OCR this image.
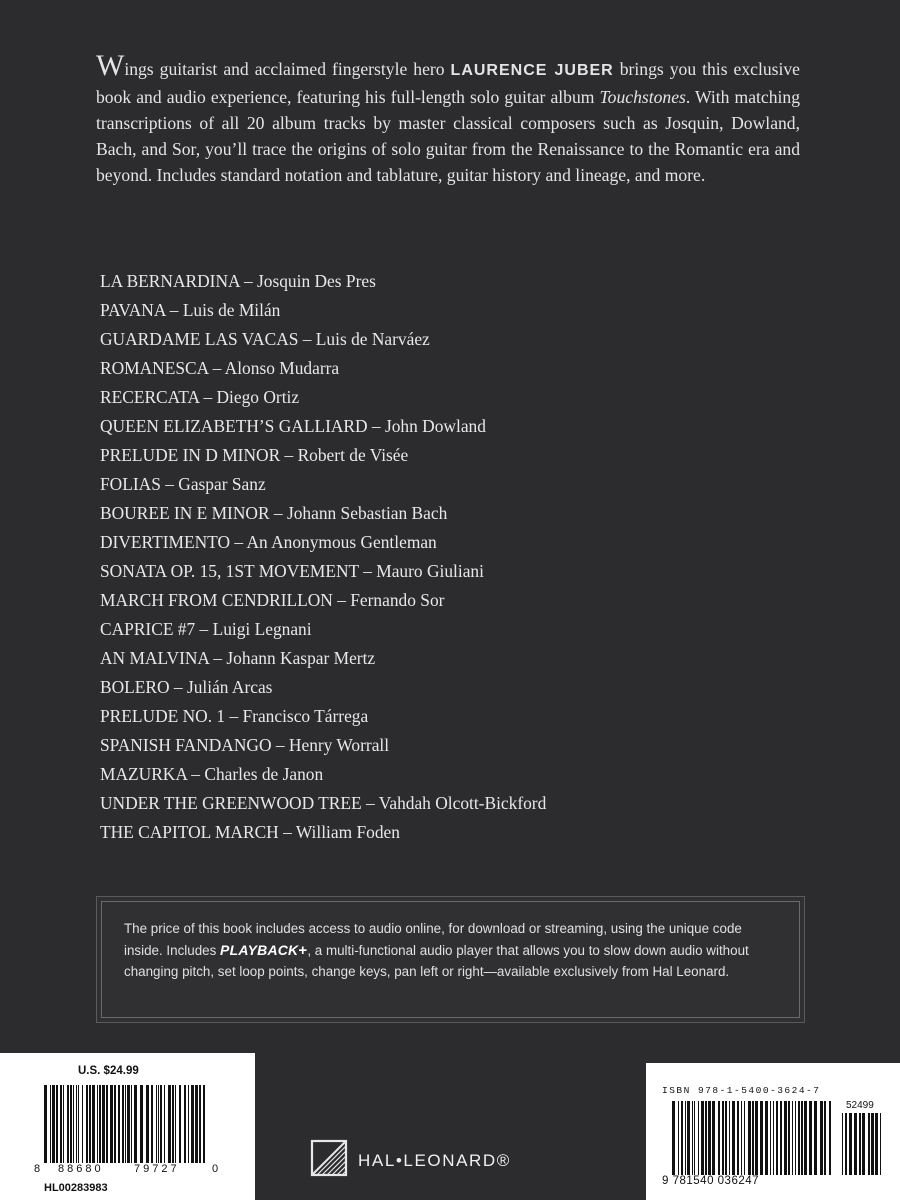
Wings guitarist and acclaimed fingerstyle hero LAURENCE JUBER brings you this exclusive book and audio experience, featuring his full-length solo guitar album Touchstones. With matching transcriptions of all 20 album tracks by master classical composers such as Josquin, Dowland, Bach, and Sor, you’ll trace the origins of solo guitar from the Renaissance to the Romantic era and beyond. Includes standard notation and tablature, guitar history and lineage, and more.

LA BERNARDINA – Josquin Des Pres
PAVANA – Luis de Milán
GUARDAME LAS VACAS – Luis de Narváez
ROMANESCA – Alonso Mudarra
RECERCATA – Diego Ortiz
QUEEN ELIZABETH’S GALLIARD – John Dowland
PRELUDE IN D MINOR – Robert de Visée
FOLIAS – Gaspar Sanz
BOUREE IN E MINOR – Johann Sebastian Bach
DIVERTIMENTO – An Anonymous Gentleman
SONATA OP. 15, 1ST MOVEMENT – Mauro Giuliani
MARCH FROM CENDRILLON – Fernando Sor
CAPRICE #7 – Luigi Legnani
AN MALVINA – Johann Kaspar Mertz
BOLERO – Julián Arcas
PRELUDE NO. 1 – Francisco Tárrega
SPANISH FANDANGO – Henry Worrall
MAZURKA – Charles de Janon
UNDER THE GREENWOOD TREE – Vahdah Olcott-Bickford
THE CAPITOL MARCH – William Foden
The price of this book includes access to audio online, for download or streaming, using the unique code inside. Includes PLAYBACK+, a multi-functional audio player that allows you to slow down audio without changing pitch, set loop points, change keys, pan left or right—available exclusively from Hal Leonard.
U.S. $24.99
8 88680	79727	0
HL00283983
HAL•LEONARD®
ISBN 978-1-5400-3624-7
52499
9 781540 036247
